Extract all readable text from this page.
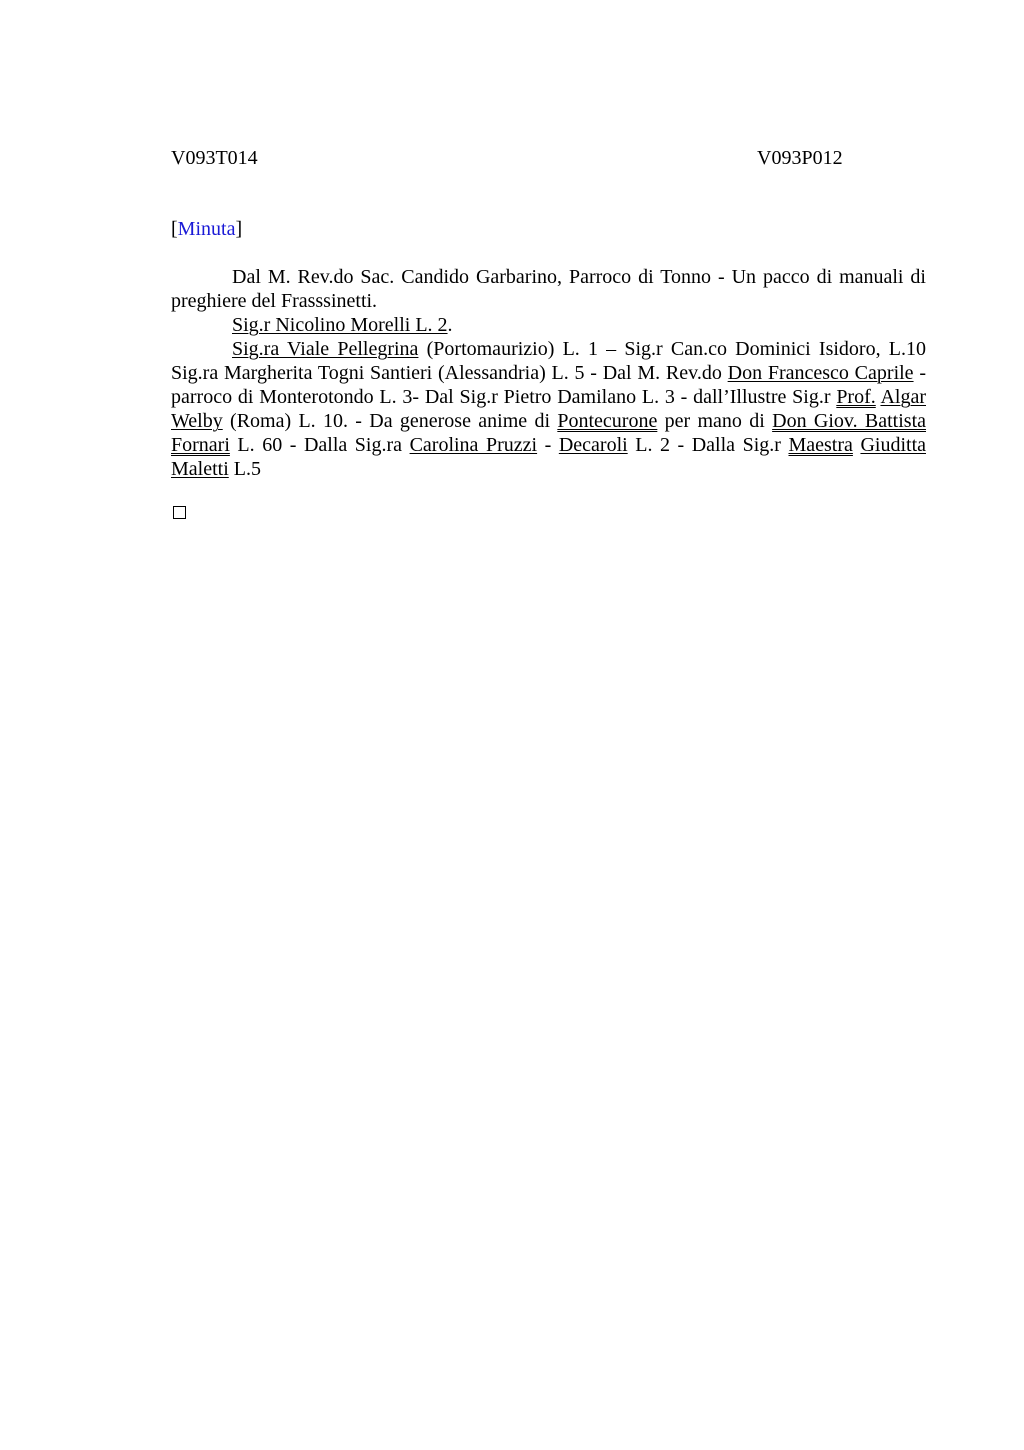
V093T014	V093P012
[Minuta]

Dal M. Rev.do Sac. Candido Garbarino, Parroco di Tonno - Un pacco di manuali di preghiere del Frasssinetti.

Sig.r Nicolino Morelli L. 2.

Sig.ra Viale Pellegrina (Portomaurizio) L. 1 – Sig.r Can.co Dominici Isidoro, L.10 Sig.ra Margherita Togni Santieri (Alessandria) L. 5 - Dal M. Rev.do Don Francesco Caprile - parroco di Monterotondo L. 3- Dal Sig.r Pietro Damilano L. 3 - dall’Illustre Sig.r Prof. Algar Welby (Roma) L. 10. - Da generose anime di Pontecurone per mano di Don Giov. Battista Fornari L. 60 - Dalla Sig.ra Carolina Pruzzi - Decaroli L. 2 - Dalla Sig.r Maestra Giuditta Maletti L.5
